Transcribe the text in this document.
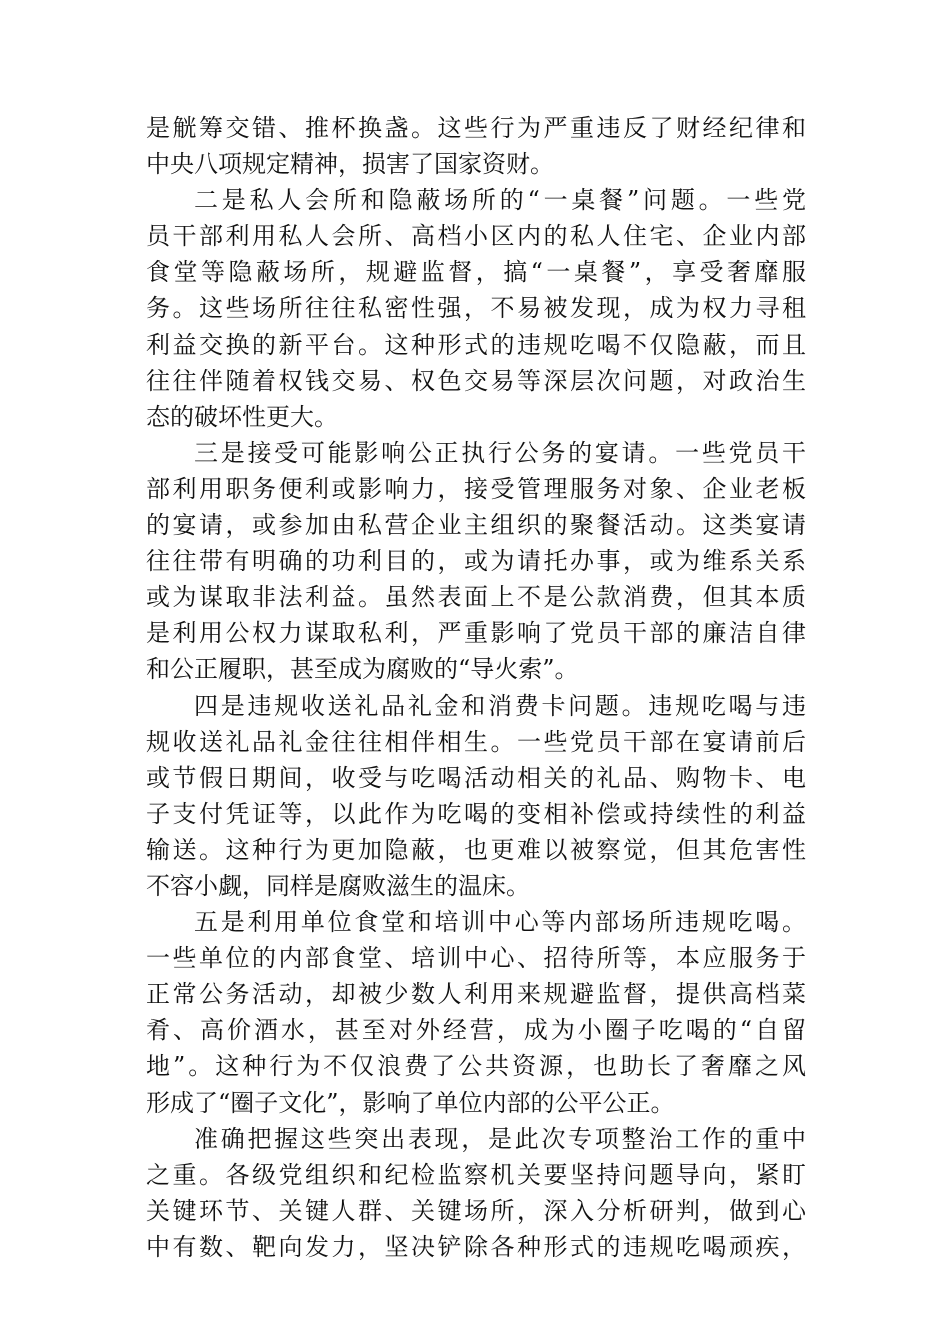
是觥筹交错、推杯换盏。这些行为严重违反了财经纪律和
中央八项规定精神，损害了国家资财。
二是私人会所和隐蔽场所的“一桌餐”问题。一些党
员干部利用私人会所、高档小区内的私人住宅、企业内部
食堂等隐蔽场所，规避监督，搞“一桌餐”，享受奢靡服
务。这些场所往往私密性强，不易被发现，成为权力寻租
利益交换的新平台。这种形式的违规吃喝不仅隐蔽，而且
往往伴随着权钱交易、权色交易等深层次问题，对政治生
态的破坏性更大。
三是接受可能影响公正执行公务的宴请。一些党员干
部利用职务便利或影响力，接受管理服务对象、企业老板
的宴请，或参加由私营企业主组织的聚餐活动。这类宴请
往往带有明确的功利目的，或为请托办事，或为维系关系
或为谋取非法利益。虽然表面上不是公款消费，但其本质
是利用公权力谋取私利，严重影响了党员干部的廉洁自律
和公正履职，甚至成为腐败的“导火索”。
四是违规收送礼品礼金和消费卡问题。违规吃喝与违
规收送礼品礼金往往相伴相生。一些党员干部在宴请前后
或节假日期间，收受与吃喝活动相关的礼品、购物卡、电
子支付凭证等，以此作为吃喝的变相补偿或持续性的利益
输送。这种行为更加隐蔽，也更难以被察觉，但其危害性
不容小觑，同样是腐败滋生的温床。
五是利用单位食堂和培训中心等内部场所违规吃喝。
一些单位的内部食堂、培训中心、招待所等，本应服务于
正常公务活动，却被少数人利用来规避监督，提供高档菜
肴、高价酒水，甚至对外经营，成为小圈子吃喝的“自留
地”。这种行为不仅浪费了公共资源，也助长了奢靡之风
形成了“圈子文化”，影响了单位内部的公平公正。
准确把握这些突出表现，是此次专项整治工作的重中
之重。各级党组织和纪检监察机关要坚持问题导向，紧盯
关键环节、关键人群、关键场所，深入分析研判，做到心
中有数、靶向发力，坚决铲除各种形式的违规吃喝顽疾，
